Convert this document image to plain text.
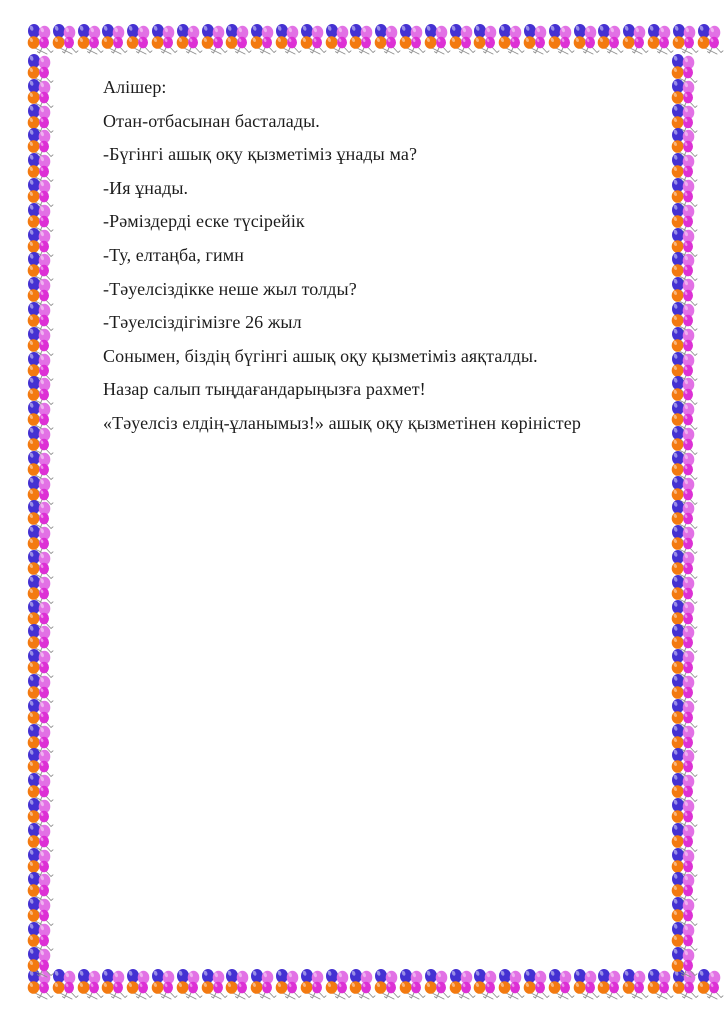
Алішер:

Отан-отбасынан басталады.

-Бүгінгі ашық оқу қызметіміз ұнады ма?

-Ия ұнады.

-Рәміздерді еске түсірейік

-Ту, елтаңба, гимн

-Тәуелсіздікке неше жыл толды?

-Тәуелсіздігімізге 26 жыл

Сонымен, біздің бүгінгі ашық оқу қызметіміз аяқталды.

Назар салып тыңдағандарыңызға рахмет!

«Тәуелсіз елдің-ұланымыз!» ашық оқу қызметінен көріністер
